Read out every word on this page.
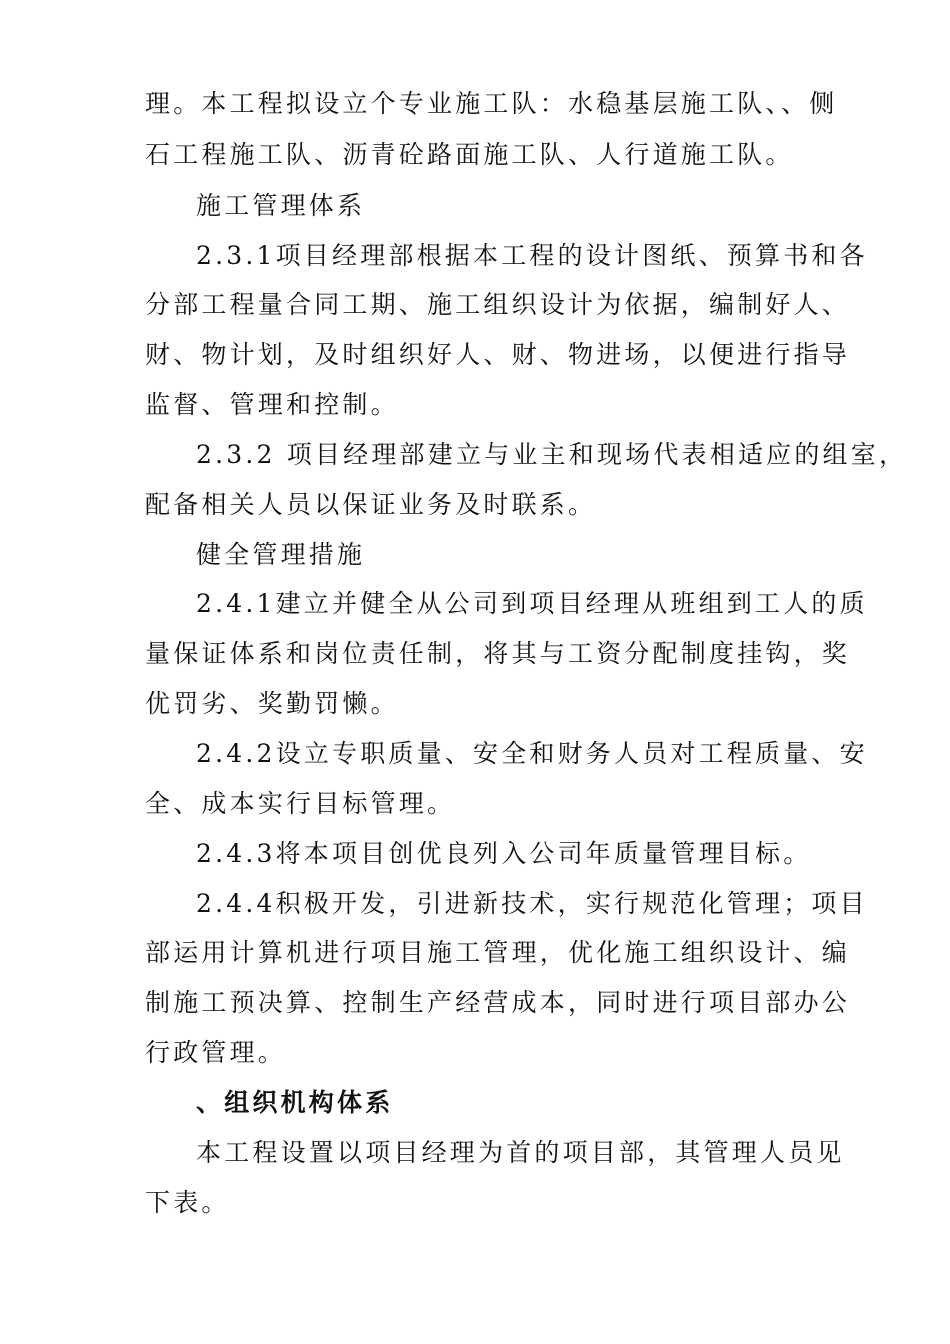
理。本工程拟设立个专业施工队：水稳基层施工队、、侧
石工程施工队、沥青砼路面施工队、人行道施工队。
施工管理体系
2.3.1项目经理部根据本工程的设计图纸、预算书和各
分部工程量合同工期、施工组织设计为依据，编制好人、
财、物计划，及时组织好人、财、物进场，以便进行指导
监督、管理和控制。
2.3.2 项目经理部建立与业主和现场代表相适应的组室，
配备相关人员以保证业务及时联系。
健全管理措施
2.4.1建立并健全从公司到项目经理从班组到工人的质
量保证体系和岗位责任制，将其与工资分配制度挂钩，奖
优罚劣、奖勤罚懒。
2.4.2设立专职质量、安全和财务人员对工程质量、安
全、成本实行目标管理。
2.4.3将本项目创优良列入公司年质量管理目标。
2.4.4积极开发，引进新技术，实行规范化管理；项目
部运用计算机进行项目施工管理，优化施工组织设计、编
制施工预决算、控制生产经营成本，同时进行项目部办公
行政管理。
、组织机构体系
本工程设置以项目经理为首的项目部，其管理人员见
下表。
